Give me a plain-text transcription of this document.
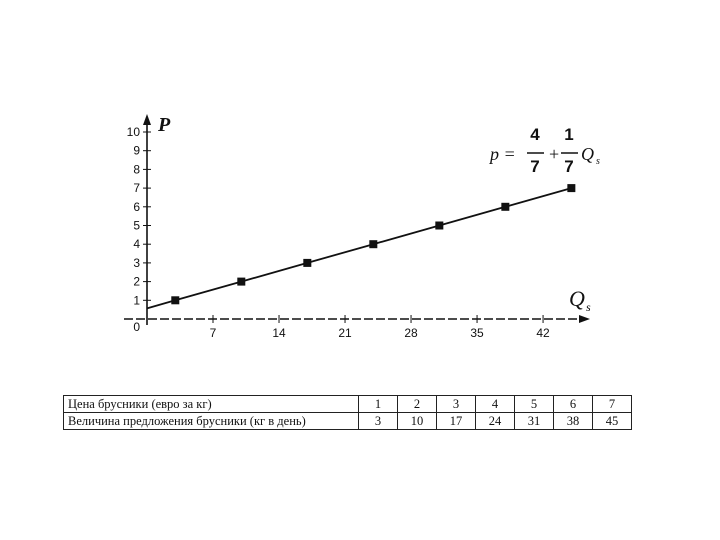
1
2
3
4
5
6
7
8
9
10
7	14	21	28	35	42
0
P
Q s
p =
4
7
+
1
7
Q s
Цена брусники (евро за кг)	1	2	3	4	5	6	7
Величина предложения брусники (кг в день)	3	10	17	24	31	38	45
